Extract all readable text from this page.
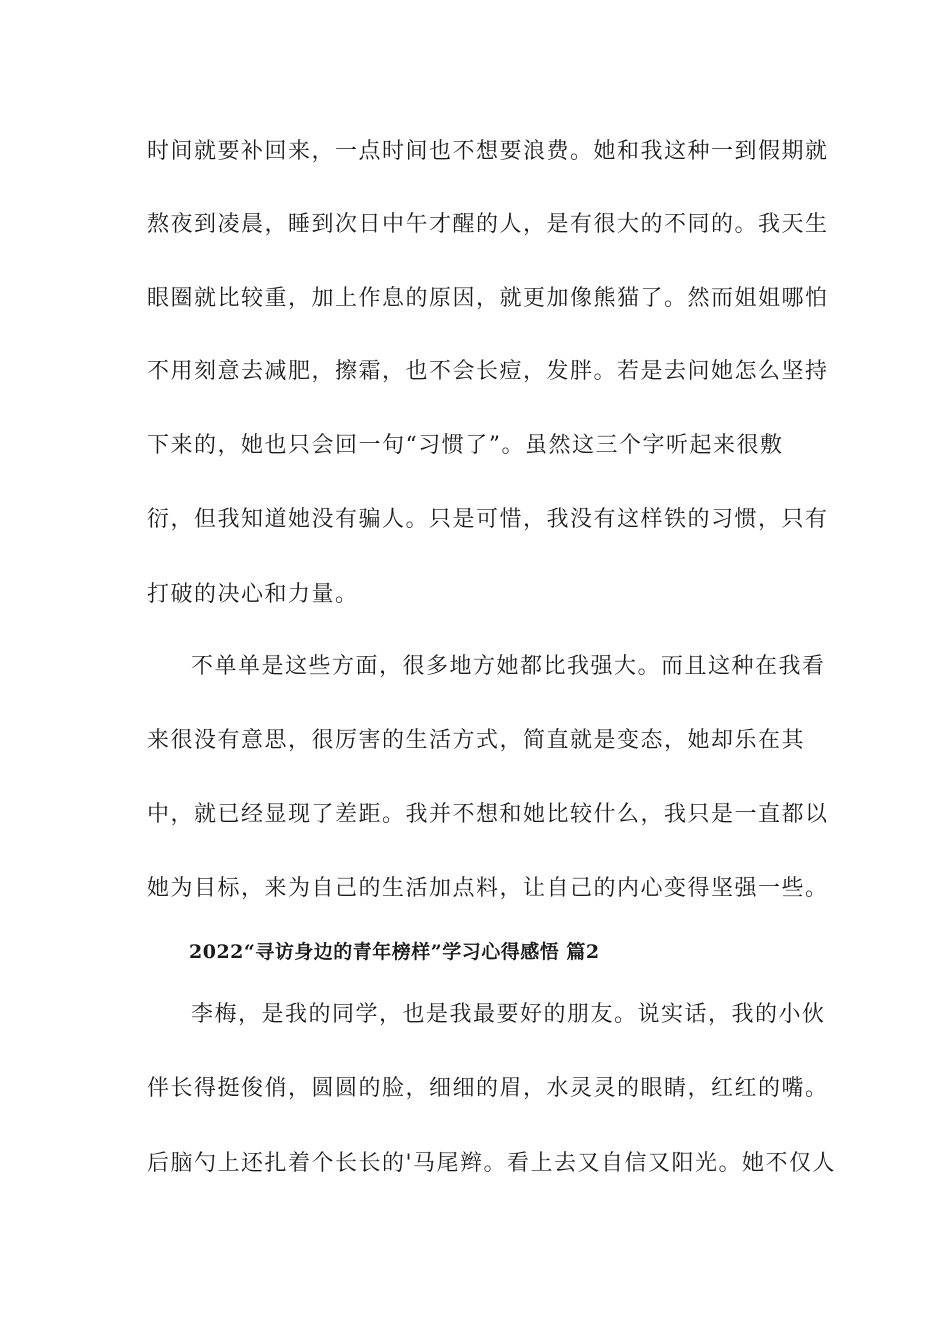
时间就要补回来，一点时间也不想要浪费。她和我这种一到假期就
熬夜到凌晨，睡到次日中午才醒的人，是有很大的不同的。我天生
眼圈就比较重，加上作息的原因，就更加像熊猫了。然而姐姐哪怕
不用刻意去减肥，擦霜，也不会长痘，发胖。若是去问她怎么坚持
下来的，她也只会回一句“习惯了”。虽然这三个字听起来很敷
衍，但我知道她没有骗人。只是可惜，我没有这样铁的习惯，只有
打破的决心和力量。
不单单是这些方面，很多地方她都比我强大。而且这种在我看
来很没有意思，很厉害的生活方式，简直就是变态，她却乐在其
中，就已经显现了差距。我并不想和她比较什么，我只是一直都以
她为目标，来为自己的生活加点料，让自己的内心变得坚强一些。
2022“寻访身边的青年榜样”学习心得感悟 篇2
李梅，是我的同学，也是我最要好的朋友。说实话，我的小伙
伴长得挺俊俏，圆圆的脸，细细的眉，水灵灵的眼睛，红红的嘴。
后脑勺上还扎着个长长的'马尾辫。看上去又自信又阳光。她不仅人
